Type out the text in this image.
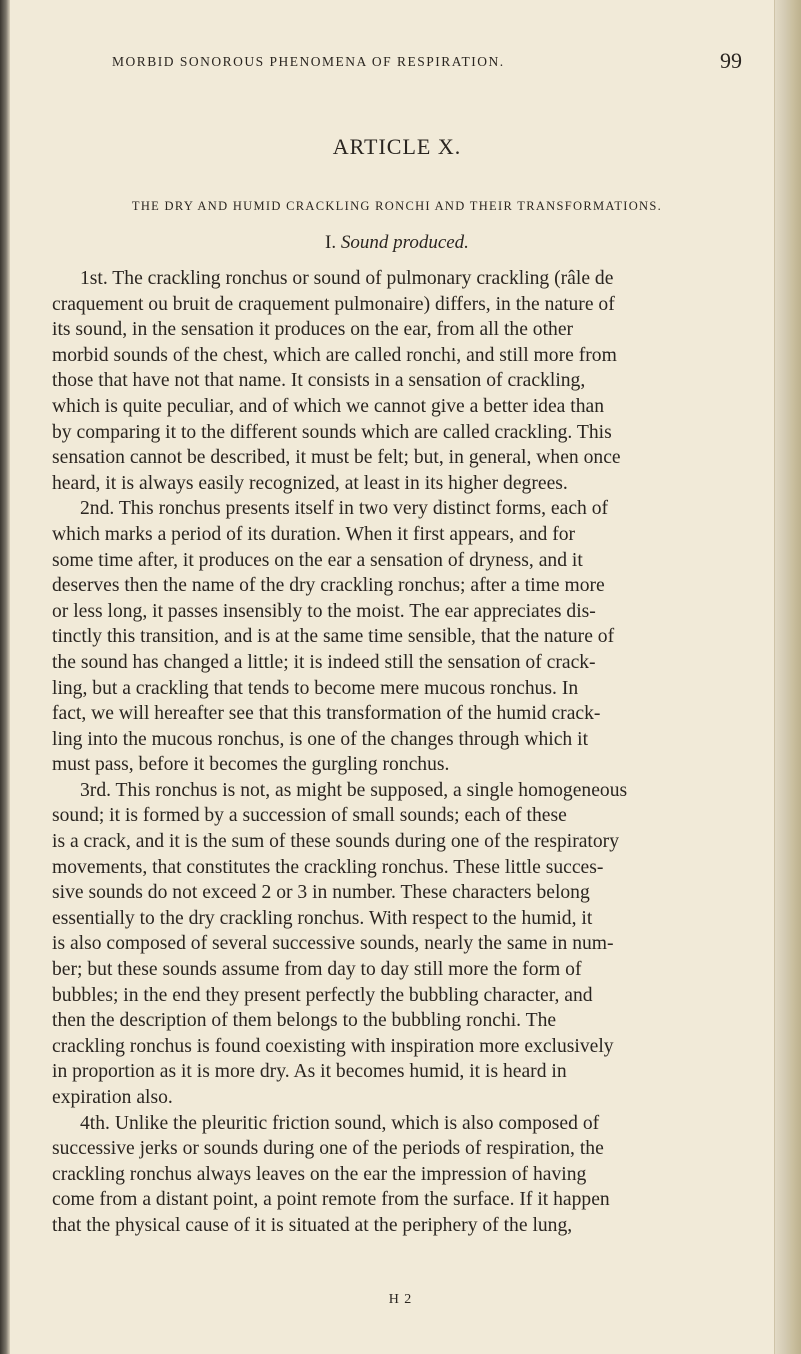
MORBID SONOROUS PHENOMENA OF RESPIRATION.	99
ARTICLE X.
THE DRY AND HUMID CRACKLING RONCHI AND THEIR TRANSFORMATIONS.
I. Sound produced.
1st. The crackling ronchus or sound of pulmonary crackling (râle de
craquement ou bruit de craquement pulmonaire) differs, in the nature of
its sound, in the sensation it produces on the ear, from all the other
morbid sounds of the chest, which are called ronchi, and still more from
those that have not that name. It consists in a sensation of crackling,
which is quite peculiar, and of which we cannot give a better idea than
by comparing it to the different sounds which are called crackling. This
sensation cannot be described, it must be felt; but, in general, when once
heard, it is always easily recognized, at least in its higher degrees.
2nd. This ronchus presents itself in two very distinct forms, each of
which marks a period of its duration. When it first appears, and for
some time after, it produces on the ear a sensation of dryness, and it
deserves then the name of the dry crackling ronchus; after a time more
or less long, it passes insensibly to the moist. The ear appreciates dis-
tinctly this transition, and is at the same time sensible, that the nature of
the sound has changed a little; it is indeed still the sensation of crack-
ling, but a crackling that tends to become mere mucous ronchus. In
fact, we will hereafter see that this transformation of the humid crack-
ling into the mucous ronchus, is one of the changes through which it
must pass, before it becomes the gurgling ronchus.
3rd. This ronchus is not, as might be supposed, a single homogeneous
sound; it is formed by a succession of small sounds; each of these
is a crack, and it is the sum of these sounds during one of the respiratory
movements, that constitutes the crackling ronchus. These little succes-
sive sounds do not exceed 2 or 3 in number. These characters belong
essentially to the dry crackling ronchus. With respect to the humid, it
is also composed of several successive sounds, nearly the same in num-
ber; but these sounds assume from day to day still more the form of
bubbles; in the end they present perfectly the bubbling character, and
then the description of them belongs to the bubbling ronchi. The
crackling ronchus is found coexisting with inspiration more exclusively
in proportion as it is more dry. As it becomes humid, it is heard in
expiration also.
4th. Unlike the pleuritic friction sound, which is also composed of
successive jerks or sounds during one of the periods of respiration, the
crackling ronchus always leaves on the ear the impression of having
come from a distant point, a point remote from the surface. If it happen
that the physical cause of it is situated at the periphery of the lung,
H 2
